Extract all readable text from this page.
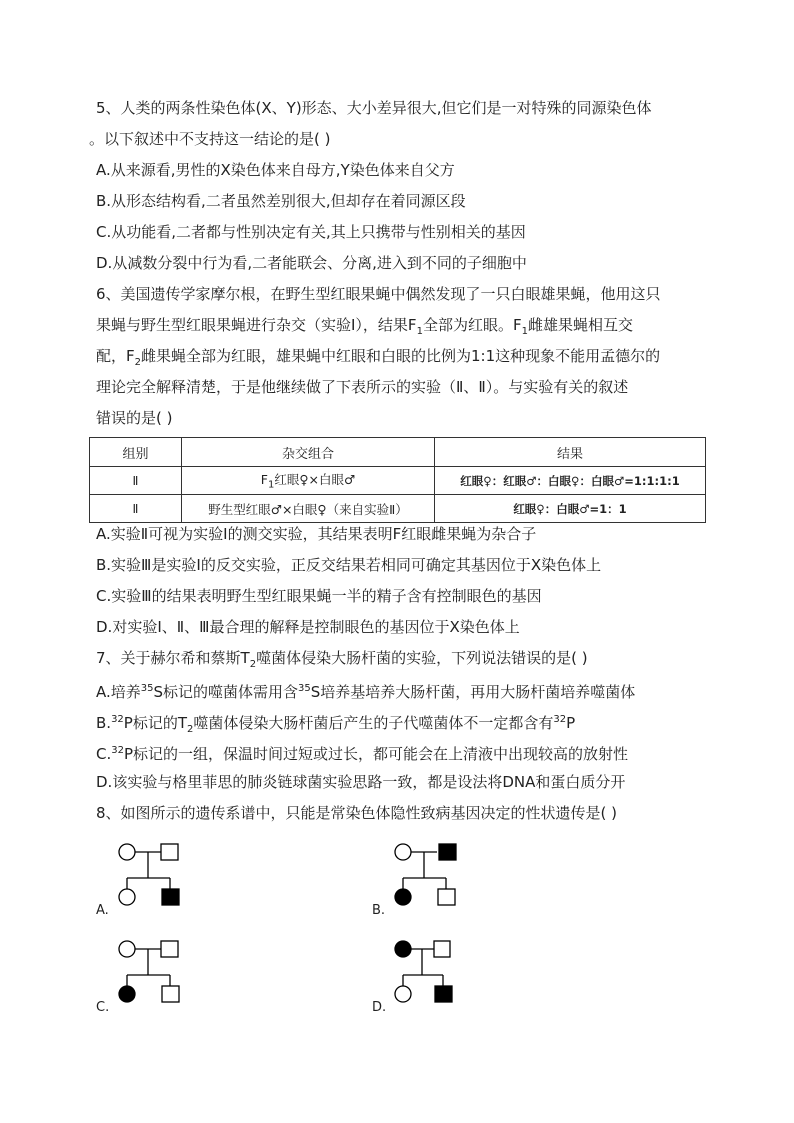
5、人类的两条性染色体(X、Y)形态、大小差异很大,但它们是一对特殊的同源染色体
。以下叙述中不支持这一结论的是( )
A.从来源看,男性的X染色体来自母方,Y染色体来自父方
B.从形态结构看,二者虽然差别很大,但却存在着同源区段
C.从功能看,二者都与性别决定有关,其上只携带与性别相关的基因
D.从减数分裂中行为看,二者能联会、分离,进入到不同的子细胞中
6、美国遗传学家摩尔根，在野生型红眼果蝇中偶然发现了一只白眼雄果蝇，他用这只
果蝇与野生型红眼果蝇进行杂交（实验Ⅰ），结果$F_1$全部为红眼。$F_1$雌雄果蝇相互交
配，$F_2$雌果蝇全部为红眼，雄果蝇中红眼和白眼的比例为1:1这种现象不能用孟德尔的
理论完全解释清楚，于是他继续做了下表所示的实验（Ⅱ、Ⅱ）。与实验有关的叙述
错误的是( )
组别	杂交组合	结果
Ⅱ	$F_1$红眼♀×白眼♂	红眼♀：红眼♂：白眼♀：白眼♂=1:1:1:1
Ⅱ	野生型红眼♂×白眼♀（来自实验Ⅱ）	红眼♀：白眼♂=1：1
A.实验Ⅱ可视为实验Ⅰ的测交实验，其结果表明F红眼雌果蝇为杂合子
B.实验Ⅲ是实验Ⅰ的反交实验，正反交结果若相同可确定其基因位于X染色体上
C.实验Ⅲ的结果表明野生型红眼果蝇一半的精子含有控制眼色的基因
D.对实验Ⅰ、Ⅱ、Ⅲ最合理的解释是控制眼色的基因位于X染色体上
7、关于赫尔希和蔡斯$T_2$噬菌体侵染大肠杆菌的实验，下列说法错误的是( )
A.培养$^{35}$S标记的噬菌体需用含$^{35}$S培养基培养大肠杆菌，再用大肠杆菌培养噬菌体
B.$^{32}$P标记的$T_2$噬菌体侵染大肠杆菌后产生的子代噬菌体不一定都含有$^{32}$P
C.$^{32}$P标记的一组，保温时间过短或过长，都可能会在上清液中出现较高的放射性
D.该实验与格里菲思的肺炎链球菌实验思路一致，都是设法将DNA和蛋白质分开
8、如图所示的遗传系谱中，只能是常染色体隐性致病基因决定的性状遗传是( )
A.	B.
C.	D.
